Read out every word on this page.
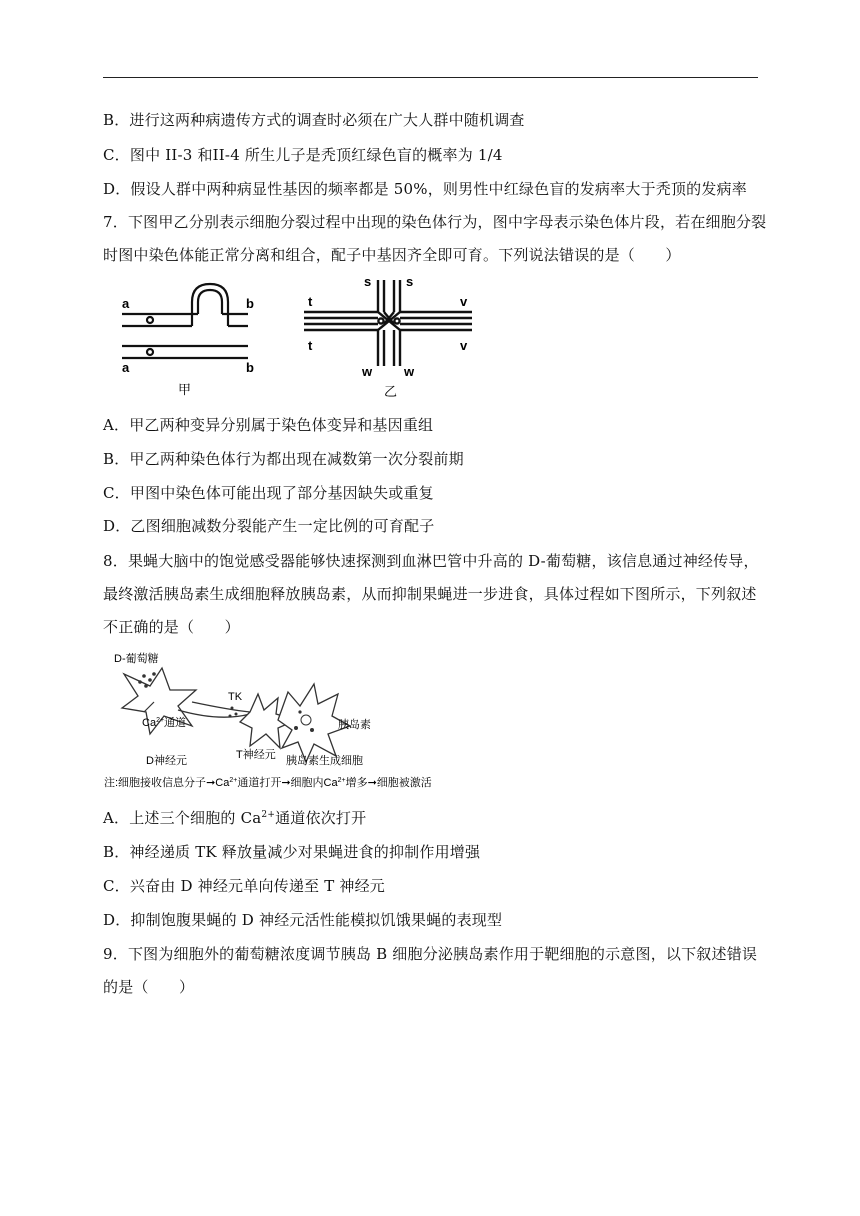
B．进行这两种病遗传方式的调查时必须在广大人群中随机调查
C．图中 II-3 和II-4 所生儿子是秃顶红绿色盲的概率为 1/4
D．假设人群中两种病显性基因的频率都是 50%，则男性中红绿色盲的发病率大于秃顶的发病率
7．下图甲乙分别表示细胞分裂过程中出现的染色体行为，图中字母表示染色体片段，若在细胞分裂
时图中染色体能正常分离和组合，配子中基因齐全即可育。下列说法错误的是（　　）
a	b
a	b
甲
s	s
t
t
v
v
w w
乙
A．甲乙两种变异分别属于染色体变异和基因重组
B．甲乙两种染色体行为都出现在减数第一次分裂前期
C．甲图中染色体可能出现了部分基因缺失或重复
D．乙图细胞减数分裂能产生一定比例的可育配子
8．果蝇大脑中的饱觉感受器能够快速探测到血淋巴管中升高的 D-葡萄糖，该信息通过神经传导，
最终激活胰岛素生成细胞释放胰岛素，从而抑制果蝇进一步进食，具体过程如下图所示，下列叙述
不正确的是（　　）
D-葡萄糖
TK
$Ca^{2+}$通道	胰岛素
D神经元	T神经元 胰岛素生成细胞
注:细胞接收信息分子$➞Ca^{2+}$通道打开➞细胞内$Ca^{2+}$增多➞细胞被激活
A．上述三个细胞的 $Ca^{2+}$通道依次打开
B．神经递质 TK 释放量减少对果蝇进食的抑制作用增强
C．兴奋由 D 神经元单向传递至 T 神经元
D．抑制饱腹果蝇的 D 神经元活性能模拟饥饿果蝇的表现型
9．下图为细胞外的葡萄糖浓度调节胰岛 B 细胞分泌胰岛素作用于靶细胞的示意图，以下叙述错误
的是（　　）
